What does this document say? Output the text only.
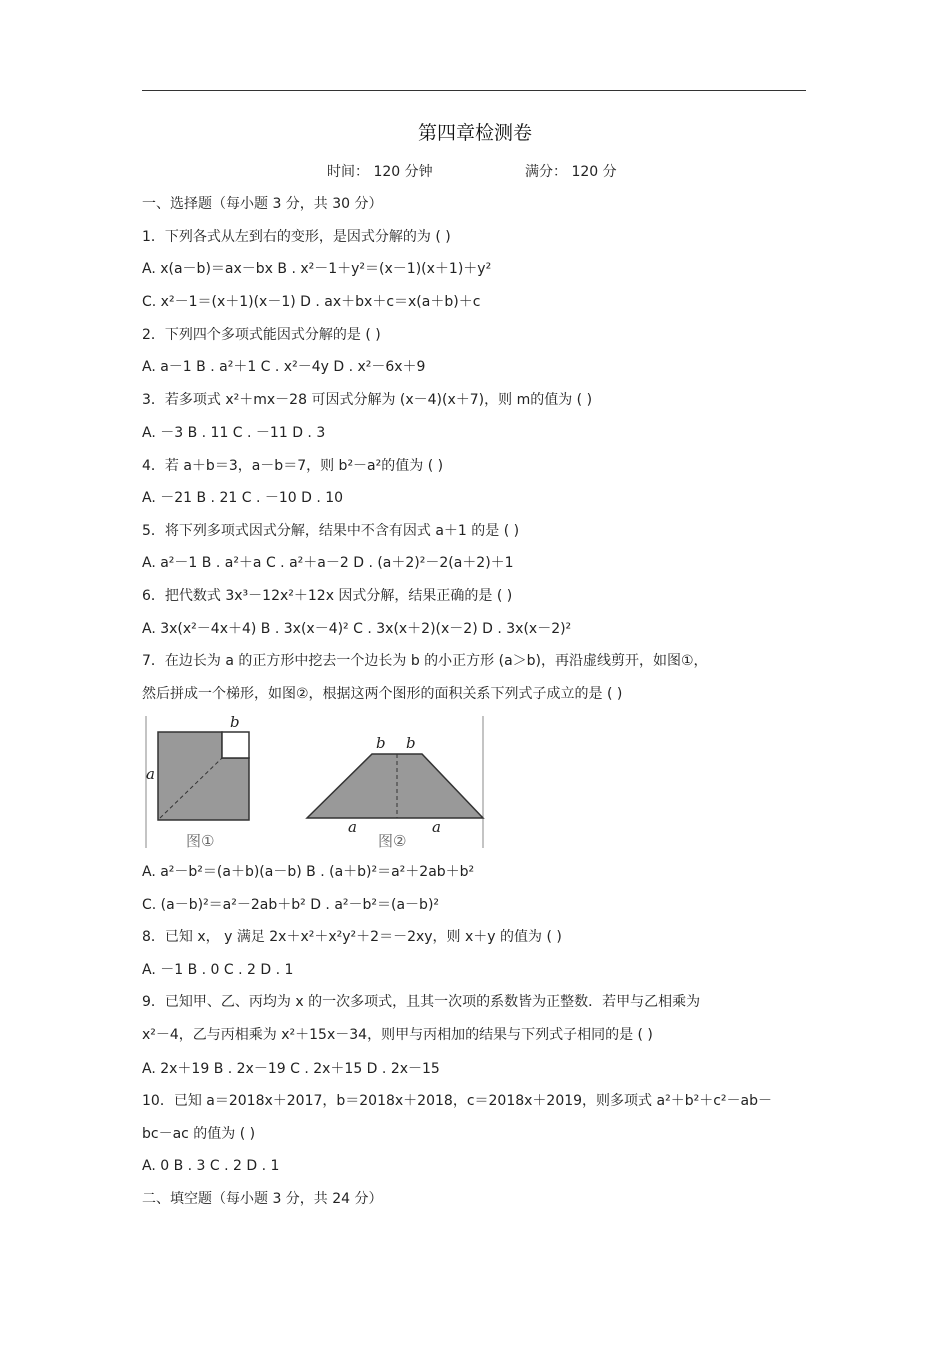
第四章检测卷
时间： 120 分钟	满分： 120 分
一、选择题（每小题 3 分，共 30 分）
1．下列各式从左到右的变形，是因式分解的为 ( )
A. x(a－b)＝ax－bx B . x²－1＋y²＝(x－1)(x＋1)＋y²
C. x²－1＝(x＋1)(x－1) D . ax＋bx＋c＝x(a＋b)＋c
2．下列四个多项式能因式分解的是 ( )
A. a－1 B . a²＋1 C . x²－4y D . x²－6x＋9
3．若多项式 x²＋mx－28 可因式分解为 (x－4)(x＋7)，则 m的值为 ( )
A. －3 B . 11 C . －11 D . 3
4．若 a＋b＝3，a－b＝7，则 b²－a²的值为 ( )
A. －21 B . 21 C . －10 D . 10
5．将下列多项式因式分解，结果中不含有因式 a＋1 的是 ( )
A. a²－1 B . a²＋a C . a²＋a－2 D . (a＋2)²－2(a＋2)＋1
6．把代数式 3x³－12x²＋12x 因式分解，结果正确的是 ( )
A. 3x(x²－4x＋4) B . 3x(x－4)² C . 3x(x＋2)(x－2) D . 3x(x－2)²
7．在边长为 a 的正方形中挖去一个边长为 b 的小正方形 (a＞b)，再沿虚线剪开，如图①，
然后拼成一个梯形，如图②，根据这两个图形的面积关系下列式子成立的是 ( )
A. a²－b²＝(a＋b)(a－b) B . (a＋b)²＝a²＋2ab＋b²
C. (a－b)²＝a²－2ab＋b² D . a²－b²＝(a－b)²
8．已知 x， y 满足 2x＋x²＋x²y²＋2＝－2xy，则 x＋y 的值为 ( )
A. －1 B . 0 C . 2 D . 1
9．已知甲、乙、丙均为 x 的一次多项式，且其一次项的系数皆为正整数．若甲与乙相乘为
x²－4，乙与丙相乘为 x²＋15x－34，则甲与丙相加的结果与下列式子相同的是 ( )
A. 2x＋19 B . 2x－19 C . 2x＋15 D . 2x－15
10．已知 a＝2018x＋2017，b＝2018x＋2018，c＝2018x＋2019，则多项式 a²＋b²＋c²－ab－
bc－ac 的值为 ( )
A. 0 B . 3 C . 2 D . 1
二、填空题（每小题 3 分，共 24 分）
b
a
图①
b b
a	a
图②
